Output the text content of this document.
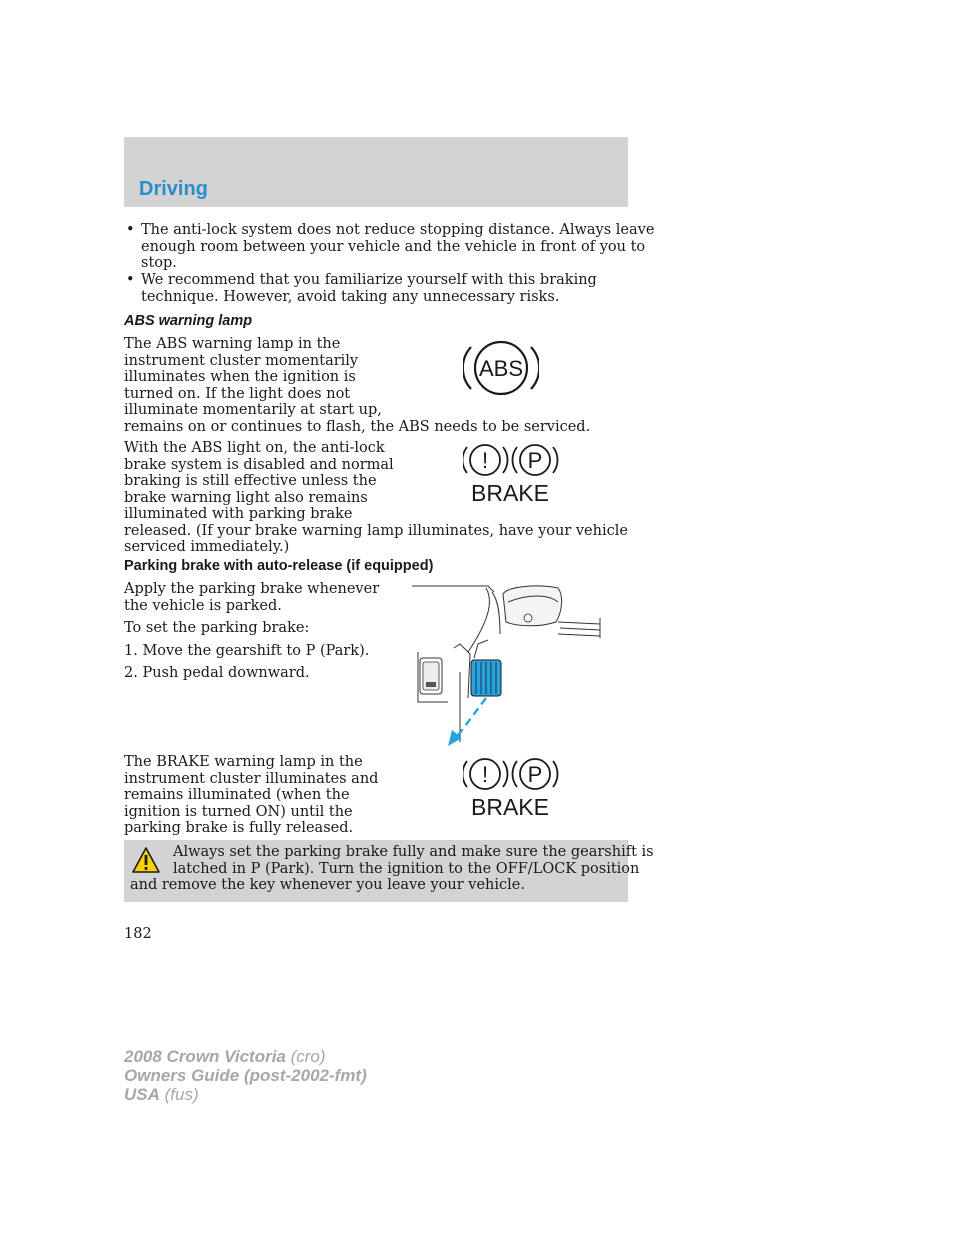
Driving
• The anti-lock system does not reduce stopping distance. Always leave
enough room between your vehicle and the vehicle in front of you to
stop.
• We recommend that you familiarize yourself with this braking
technique. However, avoid taking any unnecessary risks.
ABS warning lamp
The ABS warning lamp in the
instrument cluster momentarily
illuminates when the ignition is
turned on. If the light does not
illuminate momentarily at start up,
remains on or continues to flash, the ABS needs to be serviced.
ABS
With the ABS light on, the anti-lock
brake system is disabled and normal
braking is still effective unless the
brake warning light also remains
illuminated with parking brake
released. (If your brake warning lamp illuminates, have your vehicle
serviced immediately.)
! P
BRAKE
Parking brake with auto-release (if equipped)
Apply the parking brake whenever
the vehicle is parked.
To set the parking brake:
1. Move the gearshift to P (Park).
2. Push pedal downward.
The BRAKE warning lamp in the
instrument cluster illuminates and
remains illuminated (when the
ignition is turned ON) until the
parking brake is fully released.
! P
BRAKE
Always set the parking brake fully and make sure the gearshift is
latched in P (Park). Turn the ignition to the OFF/LOCK position
and remove the key whenever you leave your vehicle.
182
2008 Crown Victoria (cro)
Owners Guide (post-2002-fmt)
USA (fus)
